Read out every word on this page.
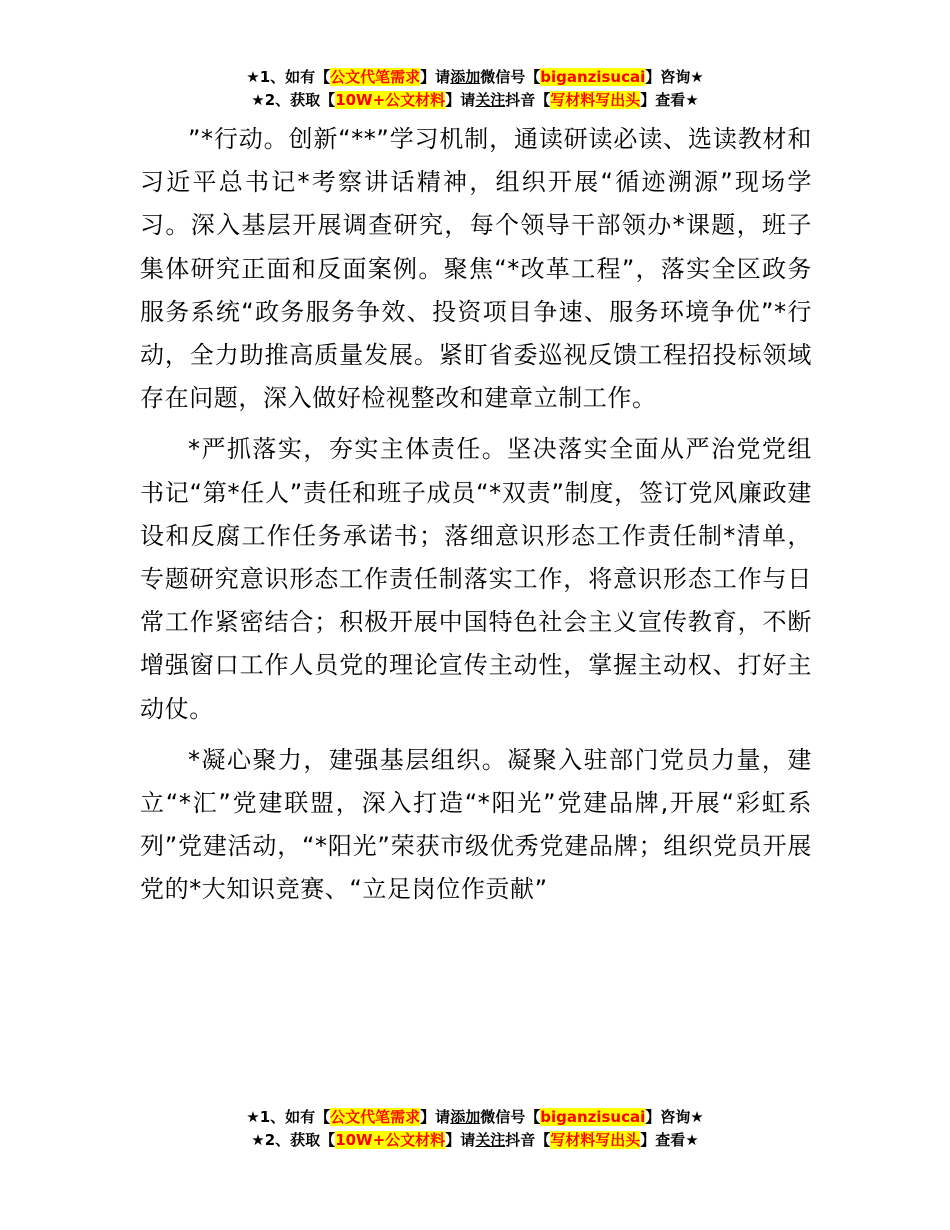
★1、如有【公文代笔需求】请添加微信号【biganzisucai】咨询★
★2、获取【10W+公文材料】请关注抖音【写材料写出头】查看★

”*行动。创新“**”学习机制，通读研读必读、选读教材和习近平总书记*考察讲话精神，组织开展“循迹溯源”现场学习。深入基层开展调查研究，每个领导干部领办*课题，班子集体研究正面和反面案例。聚焦“*改革工程”，落实全区政务服务系统“政务服务争效、投资项目争速、服务环境争优”*行动，全力助推高质量发展。紧盯省委巡视反馈工程招投标领域存在问题，深入做好检视整改和建章立制工作。

*严抓落实，夯实主体责任。坚决落实全面从严治党党组书记“第*任人”责任和班子成员“*双责”制度，签订党风廉政建设和反腐工作任务承诺书；落细意识形态工作责任制*清单，专题研究意识形态工作责任制落实工作，将意识形态工作与日常工作紧密结合；积极开展中国特色社会主义宣传教育，不断增强窗口工作人员党的理论宣传主动性，掌握主动权、打好主动仗。

*凝心聚力，建强基层组织。凝聚入驻部门党员力量，建立“*汇”党建联盟，深入打造“*阳光”党建品牌,开展“彩虹系列”党建活动，“*阳光”荣获市级优秀党建品牌；组织党员开展党的*大知识竞赛、“立足岗位作贡献”

★1、如有【公文代笔需求】请添加微信号【biganzisucai】咨询★
★2、获取【10W+公文材料】请关注抖音【写材料写出头】查看★
